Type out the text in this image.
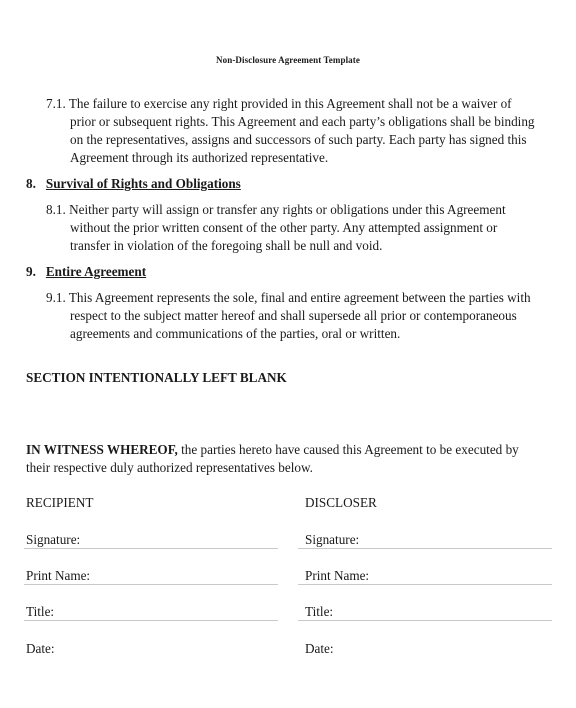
Non-Disclosure Agreement Template
7.1. The failure to exercise any right provided in this Agreement shall not be a waiver of
prior or subsequent rights. This Agreement and each party’s obligations shall be binding
on the representatives, assigns and successors of such party. Each party has signed this
Agreement through its authorized representative.
8. Survival of Rights and Obligations
8.1. Neither party will assign or transfer any rights or obligations under this Agreement
without the prior written consent of the other party. Any attempted assignment or
transfer in violation of the foregoing shall be null and void.
9. Entire Agreement
9.1. This Agreement represents the sole, final and entire agreement between the parties with
respect to the subject matter hereof and shall supersede all prior or contemporaneous
agreements and communications of the parties, oral or written.
SECTION INTENTIONALLY LEFT BLANK
IN WITNESS WHEREOF, the parties hereto have caused this Agreement to be executed by
their respective duly authorized representatives below.
RECIPIENT
Signature:
Print Name:
Title:
Date:
DISCLOSER
Signature:
Print Name:
Title:
Date:
